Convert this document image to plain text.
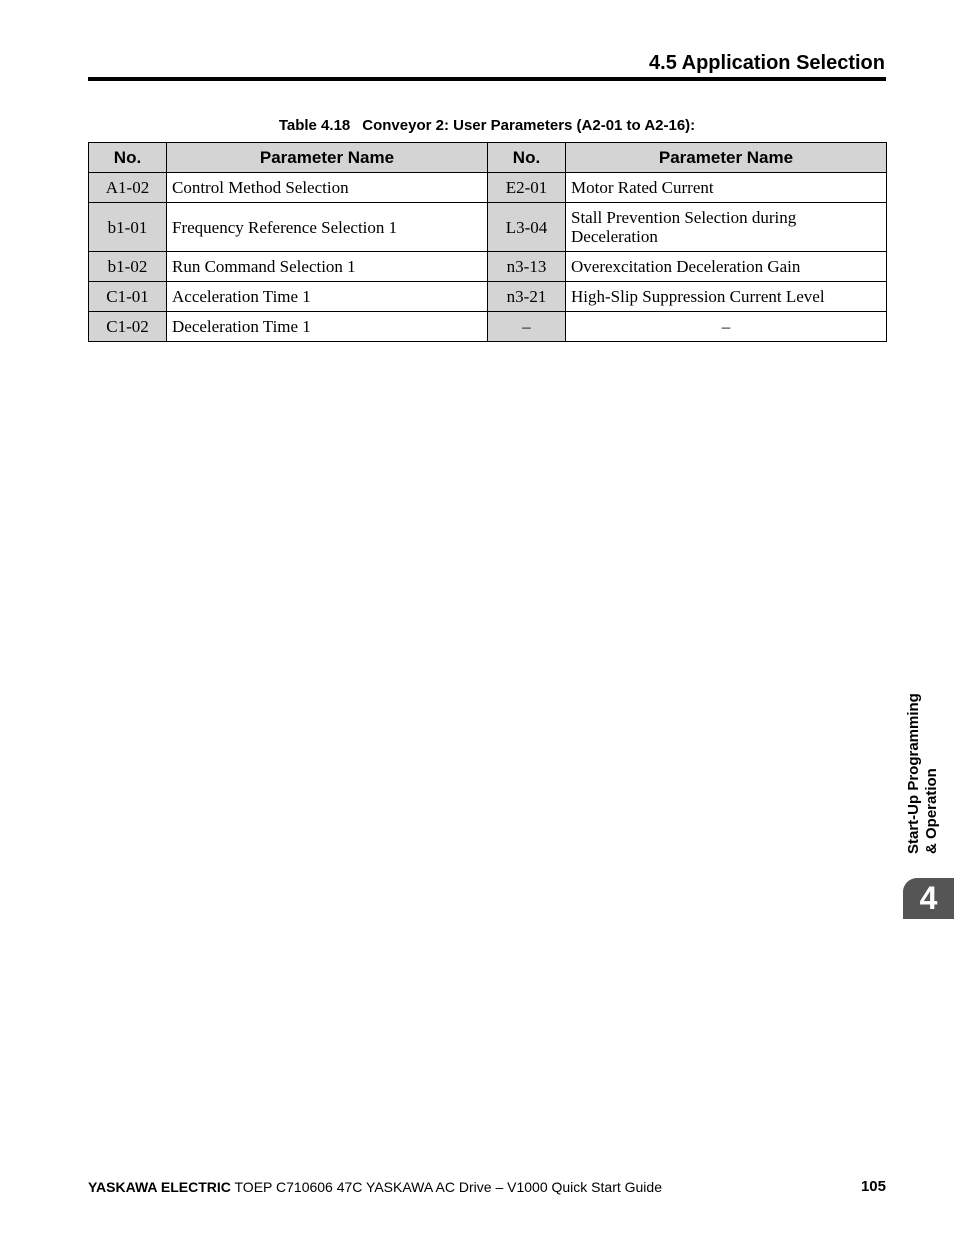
4.5 Application Selection
Table 4.18 Conveyor 2: User Parameters (A2-01 to A2-16):
No.	Parameter Name	No.	Parameter Name
A1-02	Control Method Selection	E2-01	Motor Rated Current
b1-01	Frequency Reference Selection 1	L3-04	Stall Prevention Selection during
Deceleration
b1-02	Run Command Selection 1	n3-13	Overexcitation Deceleration Gain
C1-01	Acceleration Time 1	n3-21	High-Slip Suppression Current Level
C1-02	Deceleration Time 1	–	–
Start-Up Programming & Operation
4
YASKAWA ELECTRIC TOEP C710606 47C YASKAWA AC Drive – V1000 Quick Start Guide	105
